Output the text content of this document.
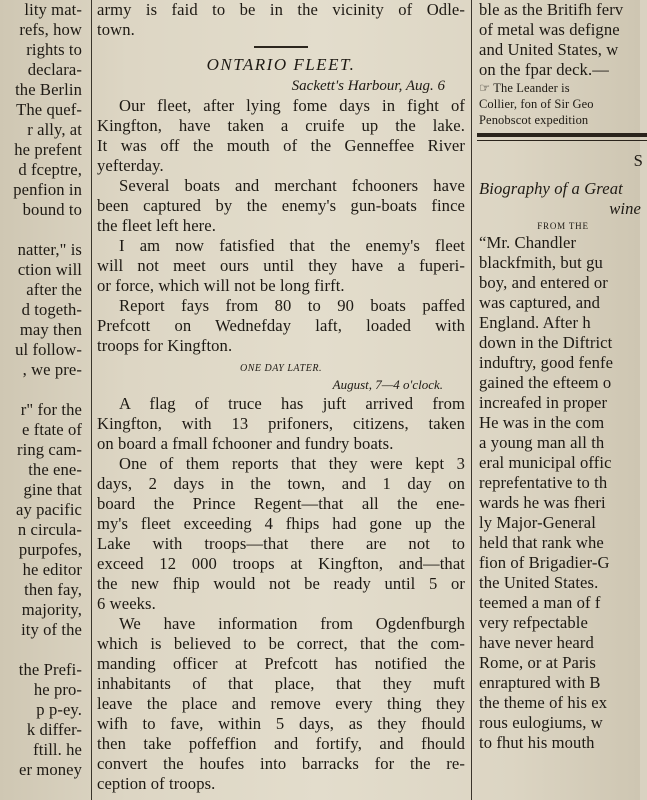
lity mat-
refs, how
rights to
declara-
the Berlin
The quef-
r ally, at
he prefent
d fceptre,
penfion in
bound to
natter," is
ction will
after the
d togeth-
may then
ul follow-
, we pre-
r" for the
e ftate of
ring cam-
the ene-
gine that
ay pacific
n circula-
purpofes,
he editor
then fay,
majority,
ity of the
the Prefi-
he pro-
p p-ey.
k differ-
ftill. he
er money
army is faid to be in the vicinity of Odle-
town.
ONTARIO FLEET.
Sackett's Harbour, Aug. 6
Our fleet, after lying fome days in fight of
Kingfton, have taken a cruife up the lake.
It was off the mouth of the Genneffee River
yefterday.
Several boats and merchant fchooners have
been captured by the enemy's gun-boats fince
the fleet left here.
I am now fatisfied that the enemy's fleet
will not meet ours until they have a fuperi-
or force, which will not be long firft.
Report fays from 80 to 90 boats paffed
Prefcott on Wednefday laft, loaded with
troops for Kingfton.
ONE DAY LATER.
August, 7—4 o'clock.
A flag of truce has juft arrived from
Kingfton, with 13 prifoners, citizens, taken
on board a fmall fchooner and fundry boats.
One of them reports that they were kept 3
days, 2 days in the town, and 1 day on
board the Prince Regent—that all the ene-
my's fleet exceeding 4 fhips had gone up the
Lake with troops—that there are not to
exceed 12 000 troops at Kingfton, and—that
the new fhip would not be ready until 5 or
6 weeks.
We have information from Ogdenfburgh
which is believed to be correct, that the com-
manding officer at Prefcott has notified the
inhabitants of that place, that they muft
leave the place and remove every thing they
wifh to fave, within 5 days, as they fhould
then take poffeffion and fortify, and fhould
convert the houfes into barracks for the re-
ception of troops.
ble as the Britifh ferv
of metal was defigne
and United States, w
on the fpar deck.—
☞ The Leander is
Collier, fon of Sir Geo
Penobscot expedition
S
Biography of a Great
wine
FROM THE
“Mr. Chandler
blackfmith, but gu
boy, and entered or
was captured, and
England. After h
down in the Diftrict
induftry, good fenfe
gained the efteem o
increafed in proper
He was in the com
a young man all th
eral municipal offic
reprefentative to th
wards he was fheri
ly Major-General
held that rank whe
fion of Brigadier-G
the United States.
teemed a man of f
very refpectable
have never heard
Rome, or at Paris
enraptured with B
the theme of his ex
rous eulogiums, w
to fhut his mouth
